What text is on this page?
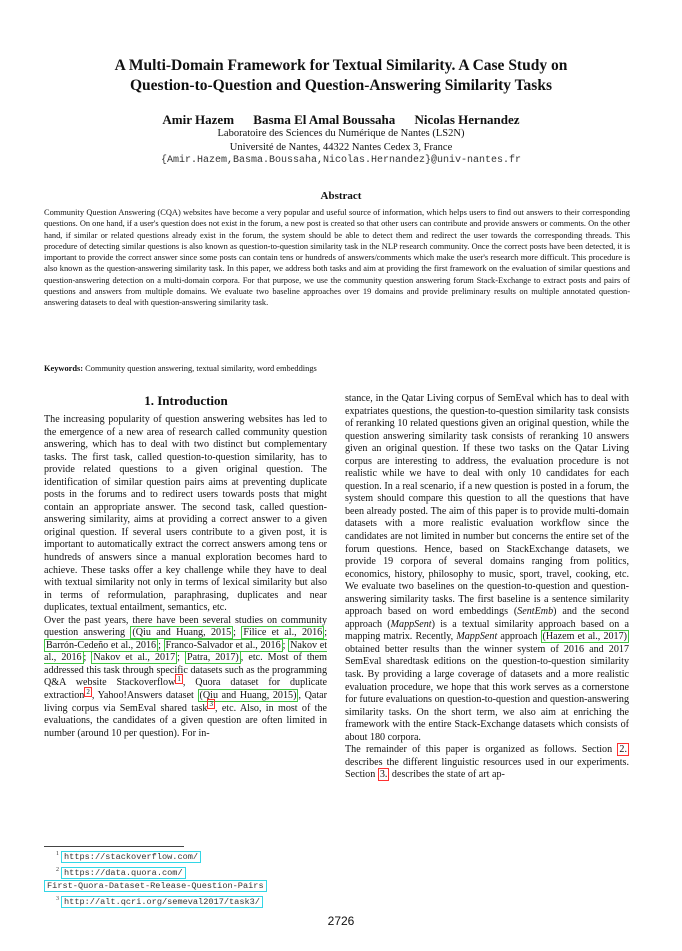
A Multi-Domain Framework for Textual Similarity. A Case Study on
Question-to-Question and Question-Answering Similarity Tasks
Amir Hazem Basma El Amal Boussaha Nicolas Hernandez
Laboratoire des Sciences du Numérique de Nantes (LS2N)
Université de Nantes, 44322 Nantes Cedex 3, France
{Amir.Hazem,Basma.Boussaha,Nicolas.Hernandez}@univ-nantes.fr
Abstract
Community Question Answering (CQA) websites have become a very popular and useful source of information, which helps users to find out answers to their corresponding questions. On one hand, if a user's question does not exist in the forum, a new post is created so that other users can contribute and provide answers or comments. On the other hand, if similar or related questions already exist in the forum, the system should be able to detect them and redirect the user towards the corresponding threads. This procedure of detecting similar questions is also known as question-to-question similarity task in the NLP research community. Once the correct posts have been detected, it is important to provide the correct answer since some posts can contain tens or hundreds of answers/comments which make the user's research more difficult. This procedure is also known as the question-answering similarity task. In this paper, we address both tasks and aim at providing the first framework on the evaluation of similar questions and question-answering detection on a multi-domain corpora. For that purpose, we use the community question answering forum Stack-Exchange to extract posts and pairs of questions and answers from multiple domains. We evaluate two baseline approaches over 19 domains and provide preliminary results on multiple annotated question-answering datasets to deal with question-answering similarity task.
Keywords: Community question answering, textual similarity, word embeddings
1. Introduction

The increasing popularity of question answering websites has led to the emergence of a new area of research called community question answering, which has to deal with two distinct but complementary tasks. The first task, called question-to-question similarity, has to provide related questions to a given original question. The identification of similar question pairs aims at preventing duplicate posts in the forums and to redirect users towards posts that might contain an appropriate answer. The second task, called question-answering similarity, aims at providing a correct answer to a given original question. If several users contribute to a given post, it is important to automatically extract the correct answers among tens or hundreds of answers since a manual exploration becomes hard to achieve. These tasks offer a key challenge while they have to deal with textual similarity not only in terms of lexical similarity but also in terms of reformulation, paraphrasing, duplicates and near duplicates, textual entailment, semantics, etc.

Over the past years, there have been several studies on community question answering (Qiu and Huang, 2015 ; Filice et al., 2016 ; Barrón-Cedeño et al., 2016 ; Franco-Salvador et al., 2016 ; Nakov et al., 2016 ; Nakov et al., 2017 ; Patra, 2017) , etc. Most of them addressed this task through specific datasets such as the programming Q&A website Stackoverflow $^1$ , Quora dataset for duplicate extraction $^2$ , Yahoo!Answers dataset (Qiu and Huang, 2015) , Qatar living corpus via SemEval shared task $^3$ , etc. Also, in most of the evaluations, the candidates of a given question are often limited in number (around 10 per question). For in-

stance, in the Qatar Living corpus of SemEval which has to deal with expatriates questions, the question-to-question similarity task consists of reranking 10 related questions given an original question, while the question answering similarity task consists of reranking 10 answers given an original question. If these two tasks on the Qatar Living corpus are interesting to address, the evaluation procedure is not realistic while we have to deal with only 10 candidates for each question. In a real scenario, if a new question is posted in a forum, the system should compare this question to all the questions that have been already posted. The aim of this paper is to provide multi-domain datasets with a more realistic evaluation workflow since the candidates are not limited in number but concerns the entire set of the forum questions. Hence, based on StackExchange datasets, we provide 19 corpora of several domains ranging from politics, economics, history, philosophy to music, sport, travel, cooking, etc. We evaluate two baselines on the question-to-question and question-answering similarity tasks. The first baseline is a sentence similarity approach based on word embeddings (SentEmb) and the second approach (MappSent) is a textual similarity approach based on a mapping matrix. Recently, MappSent approach (Hazem et al., 2017) obtained better results than the winner system of 2016 and 2017 SemEval sharedtask editions on the question-to-question similarity task. By providing a large coverage of datasets and a more realistic evaluation procedure, we hope that this work serves as a cornerstone for future evaluations on question-to-question and question-answering similarity tasks. On the short term, we also aim at enriching the framework with the entire Stack-Exchange datasets which consists of about 180 corpora.

The remainder of this paper is organized as follows. Section 2. describes the different linguistic resources used in our experiments. Section 3. describes the state of art ap-

$^1$ https://stackoverflow.com/
$^2$ https://data.quora.com/
First-Quora-Dataset-Release-Question-Pairs
$^3$ http://alt.qcri.org/semeval2017/task3/
2726
